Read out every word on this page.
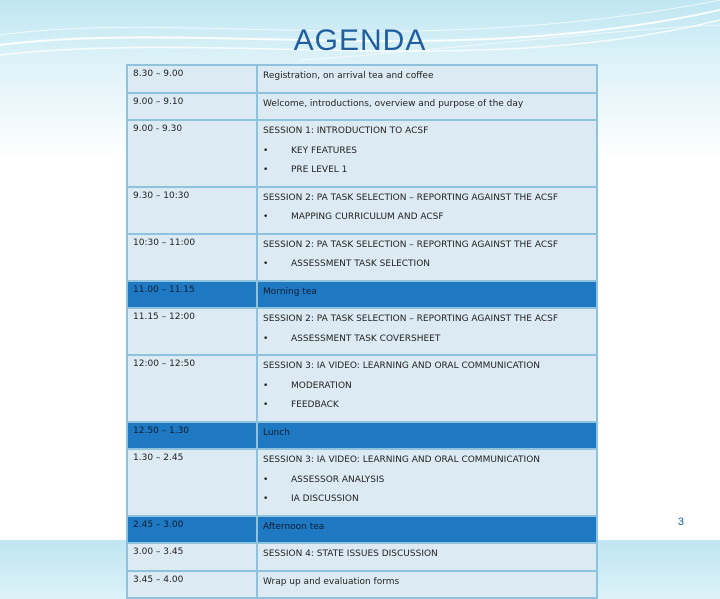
AGENDA
8.30 – 9.00	Registration, on arrival tea and coffee

9.00 – 9.10	Welcome, introductions, overview and purpose of the day

9.00 - 9.30	SESSION 1: INTRODUCTION TO ACSF
• KEY FEATURES
• PRE LEVEL 1

9.30 – 10:30	SESSION 2: PA TASK SELECTION – REPORTING AGAINST THE ACSF
• MAPPING CURRICULUM AND ACSF

10:30 – 11:00	SESSION 2: PA TASK SELECTION – REPORTING AGAINST THE ACSF
• ASSESSMENT TASK SELECTION

11.00 – 11.15	Morning tea

11.15 – 12:00	SESSION 2: PA TASK SELECTION – REPORTING AGAINST THE ACSF
• ASSESSMENT TASK COVERSHEET

12:00 – 12:50	SESSION 3: IA VIDEO: LEARNING AND ORAL COMMUNICATION
• MODERATION
• FEEDBACK

12.50 – 1.30	Lunch

1.30 – 2.45	SESSION 3: IA VIDEO: LEARNING AND ORAL COMMUNICATION
• ASSESSOR ANALYSIS
• IA DISCUSSION

2.45 – 3.00	Afternoon tea

3.00 – 3.45	SESSION 4: STATE ISSUES DISCUSSION

3.45 – 4.00	Wrap up and evaluation forms
3
